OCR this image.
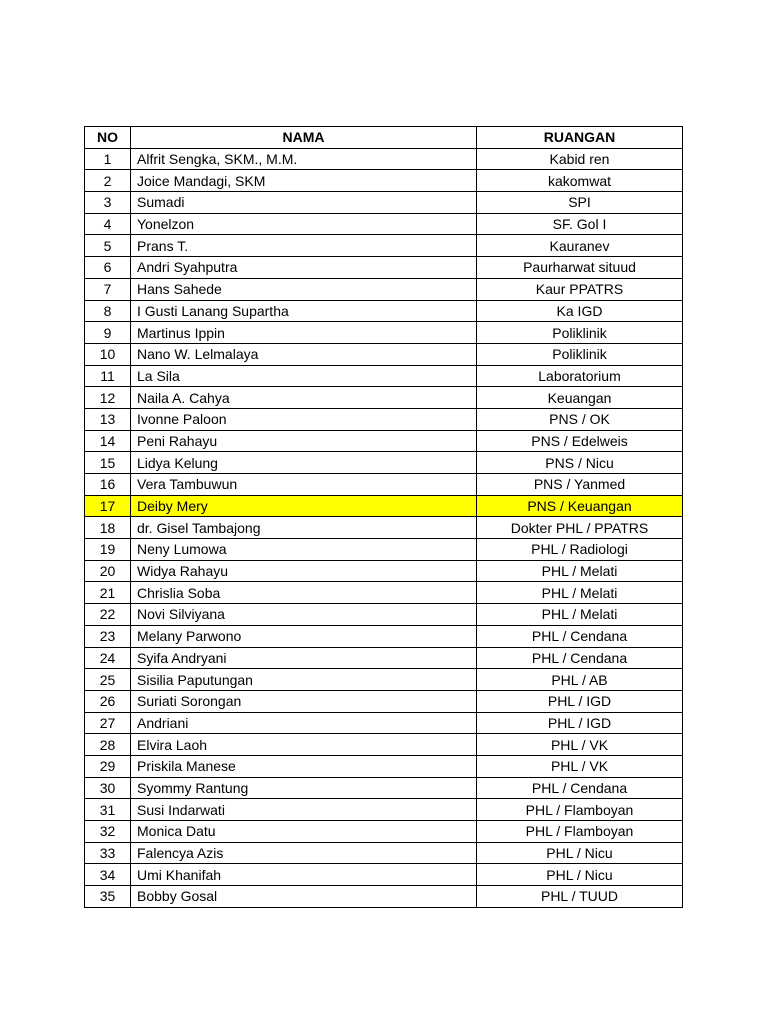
NO	NAMA	RUANGAN
1	Alfrit Sengka, SKM., M.M.	Kabid ren
2	Joice Mandagi, SKM	kakomwat
3	Sumadi	SPI
4	Yonelzon	SF. Gol I
5	Prans T.	Kauranev
6	Andri Syahputra	Paurharwat situud
7	Hans Sahede	Kaur PPATRS
8	I Gusti Lanang Supartha	Ka IGD
9	Martinus Ippin	Poliklinik
10	Nano W. Lelmalaya	Poliklinik
11	La Sila	Laboratorium
12	Naila A. Cahya	Keuangan
13	Ivonne Paloon	PNS / OK
14	Peni Rahayu	PNS / Edelweis
15	Lidya Kelung	PNS / Nicu
16	Vera Tambuwun	PNS / Yanmed
17	Deiby Mery	PNS / Keuangan
18	dr. Gisel Tambajong	Dokter PHL / PPATRS
19	Neny Lumowa	PHL / Radiologi
20	Widya Rahayu	PHL / Melati
21	Chrislia Soba	PHL / Melati
22	Novi Silviyana	PHL / Melati
23	Melany Parwono	PHL / Cendana
24	Syifa Andryani	PHL / Cendana
25	Sisilia Paputungan	PHL / AB
26	Suriati Sorongan	PHL / IGD
27	Andriani	PHL / IGD
28	Elvira Laoh	PHL / VK
29	Priskila Manese	PHL / VK
30	Syommy Rantung	PHL / Cendana
31	Susi Indarwati	PHL / Flamboyan
32	Monica Datu	PHL / Flamboyan
33	Falencya Azis	PHL / Nicu
34	Umi Khanifah	PHL / Nicu
35	Bobby Gosal	PHL / TUUD
